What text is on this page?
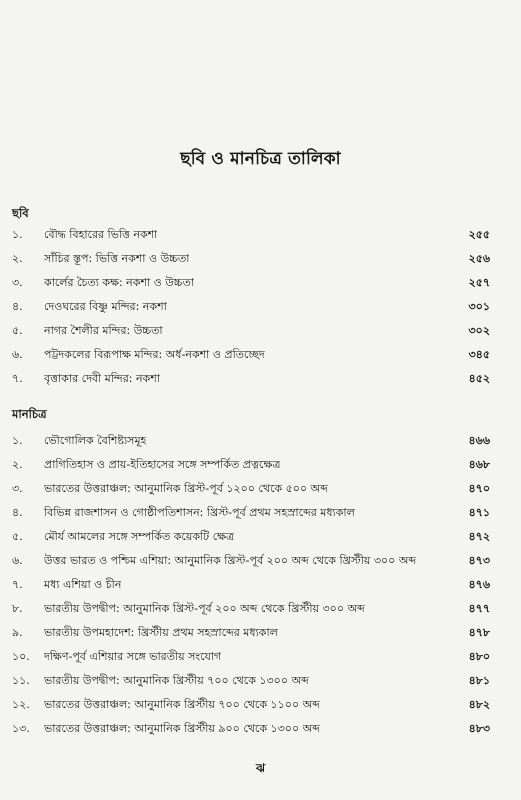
ছবি ও মানচিত্র তালিকা
ছবি
১. বৌদ্ধ বিহারের ভিত্তি নকশা	২৫৫
২. সাঁচির স্তূপ: ভিত্তি নকশা ও উচ্চতা	২৫৬
৩. কার্লের চৈত্য কক্ষ: নকশা ও উচ্চতা	২৫৭
৪. দেওঘরের বিষ্ণু মন্দির: নকশা	৩০১
৫. নাগর শৈলীর মন্দির: উচ্চতা	৩০২
৬. পট্টদকলের বিরূপাক্ষ মন্দির: অর্ধ-নকশা ও প্রতিচ্ছেদ	৩৪৫
৭. বৃত্তাকার দেবী মন্দির: নকশা	৪৫২
মানচিত্র
১. ভৌগোলিক বৈশিষ্ট্যসমূহ	৪৬৬
২. প্রাগিতিহাস ও প্রায়-ইতিহাসের সঙ্গে সম্পর্কিত প্রত্নক্ষেত্র	৪৬৮
৩. ভারতের উত্তরাঞ্চল: আনুমানিক খ্রিস্ট-পূর্ব ১২০০ থেকে ৫০০ অব্দ	৪৭০
৪. বিভিন্ন রাজশাসন ও গোষ্ঠীপতিশাসন: খ্রিস্ট-পূর্ব প্রথম সহস্রাব্দের মধ্যকাল	৪৭১
৫. মৌর্য আমলের সঙ্গে সম্পর্কিত কয়েকটি ক্ষেত্র	৪৭২
৬. উত্তর ভারত ও পশ্চিম এশিয়া: আনুমানিক খ্রিস্ট-পূর্ব ২০০ অব্দ থেকে খ্রিস্টীয় ৩০০ অব্দ	৪৭৩
৭. মধ্য এশিয়া ও চীন	৪৭৬
৮. ভারতীয় উপদ্বীপ: আনুমানিক খ্রিস্ট-পূর্ব ২০০ অব্দ থেকে খ্রিস্টীয় ৩০০ অব্দ	৪৭৭
৯. ভারতীয় উপমহাদেশ: খ্রিস্টীয় প্রথম সহস্রাব্দের মধ্যকাল	৪৭৮
১০. দক্ষিণ-পূর্ব এশিয়ার সঙ্গে ভারতীয় সংযোগ	৪৮০
১১. ভারতীয় উপদ্বীপ: আনুমানিক খ্রিস্টীয় ৭০০ থেকে ১৩০০ অব্দ	৪৮১
১২. ভারতের উত্তরাঞ্চল: আনুমানিক খ্রিস্টীয় ৭০০ থেকে ১১০০ অব্দ	৪৮২
১৩. ভারতের উত্তরাঞ্চল: আনুমানিক খ্রিস্টীয় ৯০০ থেকে ১৩০০ অব্দ	৪৮৩
ঝ
